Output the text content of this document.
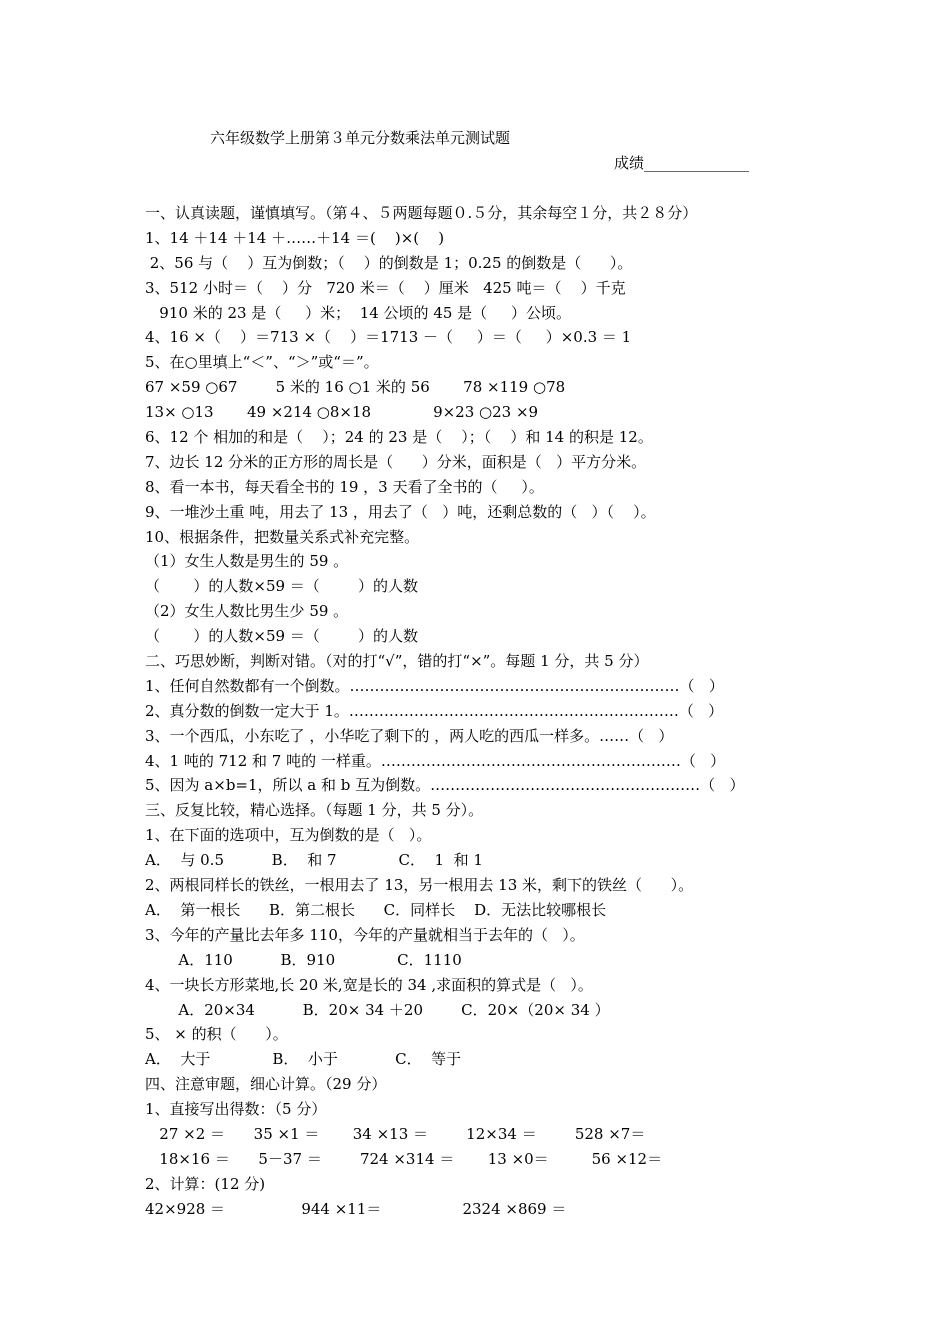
六年级数学上册第３单元分数乘法单元测试题
成绩______________
一、认真读题，谨慎填写。（第４、５两题每题０.５分，其余每空１分，共２８分）
1、14 ＋14 ＋14 ＋……＋14 ＝(    )×(    )
2、56 与（    ）互为倒数；（    ）的倒数是 1；0.25 的倒数是（      ）。
3、512 小时＝（    ）分   720 米＝（    ）厘米   425 吨＝（    ）千克
910 米的 23 是（     ）米；  14 公顷的 45 是（     ）公顷。
4、16 ×（    ）＝713 ×（    ）＝1713 －（     ）＝（     ）×0.3 ＝ 1
5、在○里填上“＜”、“＞”或“＝”。
67 ×59 ○67        5 米的 16 ○1 米的 56       78 ×119 ○78
13× ○13       49 ×214 ○8×18             9×23 ○23 ×9
6、12 个 相加的和是（    ）；24 的 23 是（    ）；（    ）和 14 的积是 12。
7、边长 12 分米的正方形的周长是（      ）分米，面积是（   ）平方分米。
8、看一本书，每天看全书的 19 ，3 天看了全书的（     ）。
9、一堆沙土重 吨，用去了 13 ，用去了（   ）吨，还剩总数的（   ）（    ）。
10、根据条件，把数量关系式补充完整。
（1）女生人数是男生的 59 。
（       ）的人数×59 ＝（        ）的人数
（2）女生人数比男生少 59 。
（       ）的人数×59 ＝（        ）的人数
二、巧思妙断，判断对错。（对的打“√”，错的打“×”。每题 1 分，共 5 分）
1、任何自然数都有一个倒数。…………………………………………………………（   ）
2、真分数的倒数一定大于 1。…………………………………………………………（   ）
3、一个西瓜，小东吃了 ，小华吃了剩下的 ，两人吃的西瓜一样多。……（   ）
4、1 吨的 712 和 7 吨的 一样重。……………………………………………………（   ）
5、因为 a×b=1，所以 a 和 b 互为倒数。………………………………………………（   ）
三、反复比较，精心选择。（每题 1 分，共 5 分）。
1、在下面的选项中，互为倒数的是（   ）。
A．  与 0.5          B．  和 7             C．  1  和 1
2、两根同样长的铁丝，一根用去了 13，另一根用去 13 米，剩下的铁丝（      ）。
A．  第一根长      B．第二根长      C．同样长    D．无法比较哪根长
3、今年的产量比去年多 110，今年的产量就相当于去年的（   ）。
A．110          B．910             C．1110
4、一块长方形菜地,长 20 米,宽是长的 34 ,求面积的算式是（   ）。
A．20×34          B．20× 34 ＋20        C．20×（20× 34 ）
5、 × 的积（      ）。
A．  大于             B．  小于            C．  等于
四、注意审题，细心计算。（29 分）
1、直接写出得数：（5 分）
27 ×2 ＝      35 ×1 ＝       34 ×13 ＝        12×34 ＝        528 ×7＝
18×16 ＝      5－37 ＝        724 ×314 ＝       13 ×0＝         56 ×12＝
2、计算：(12 分)
42×928 ＝                944 ×11＝                 2324 ×869 ＝
